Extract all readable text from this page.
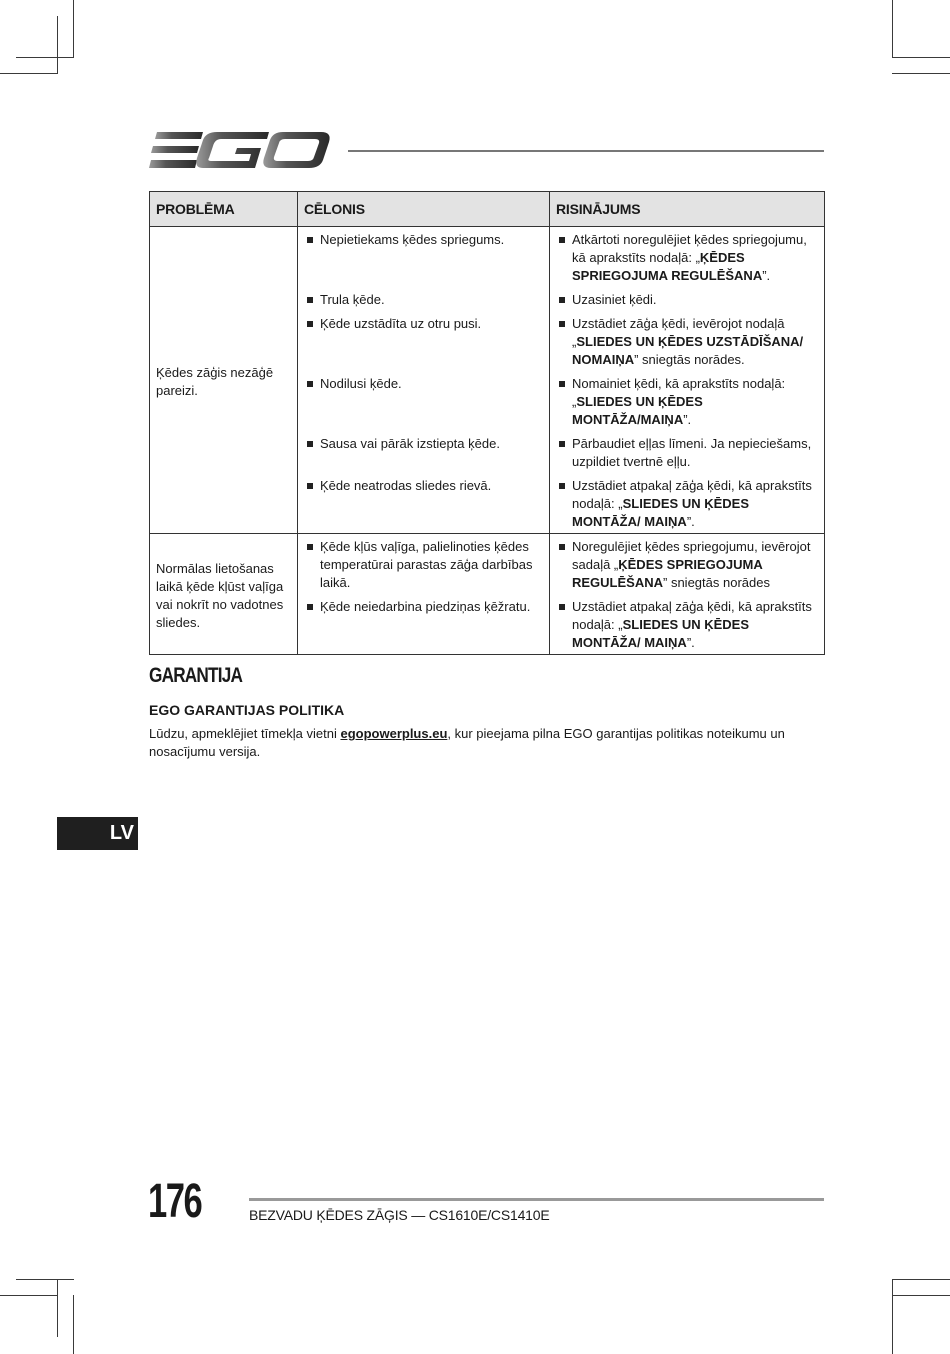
PROBLĒMA	CĒLONIS	RISINĀJUMS
Ķēdes zāģis nezāģē pareizi.	Nepietiekams ķēdes spriegums.	Atkārtoti noregulējiet ķēdes spriegojumu, kā aprakstīts nodaļā: „ĶĒDES SPRIEGOJUMA REGULĒŠANA”.

	Trula ķēde.	Uzasiniet ķēdi.

	Ķēde uzstādīta uz otru pusi.	Uzstādiet zāģa ķēdi, ievērojot nodaļā „SLIEDES UN ĶĒDES UZSTĀDĪŠANA/ NOMAIŅA” sniegtās norādes.

	Nodilusi ķēde.	Nomainiet ķēdi, kā aprakstīts nodaļā: „SLIEDES UN ĶĒDES MONTĀŽA/MAIŅA”.

	Sausa vai pārāk izstiepta ķēde.	Pārbaudiet eļļas līmeni. Ja nepieciešams, uzpildiet tvertnē eļļu.

	Ķēde neatrodas sliedes rievā.	Uzstādiet atpakaļ zāģa ķēdi, kā aprakstīts nodaļā: „SLIEDES UN ĶĒDES MONTĀŽA/ MAIŅA”.

Normālas lietošanas laikā ķēde kļūst vaļīga vai nokrīt no vadotnes sliedes.	Ķēde kļūs vaļīga, palielinoties ķēdes temperatūrai parastas zāģa darbības laikā.	Noregulējiet ķēdes spriegojumu, ievērojot sadaļā „ĶĒDES SPRIEGOJUMA REGULĒŠANA” sniegtās norādes

	Ķēde neiedarbina piedziņas ķēžratu.	Uzstādiet atpakaļ zāģa ķēdi, kā aprakstīts nodaļā: „SLIEDES UN ĶĒDES MONTĀŽA/ MAIŅA”.
GARANTIJA
EGO GARANTIJAS POLITIKA
Lūdzu, apmeklējiet tīmekļa vietni egopowerplus.eu, kur pieejama pilna EGO garantijas politikas noteikumu un nosacījumu versija.
LV
176	BEZVADU ĶĒDES ZĀĢIS — CS1610E/CS1410E
